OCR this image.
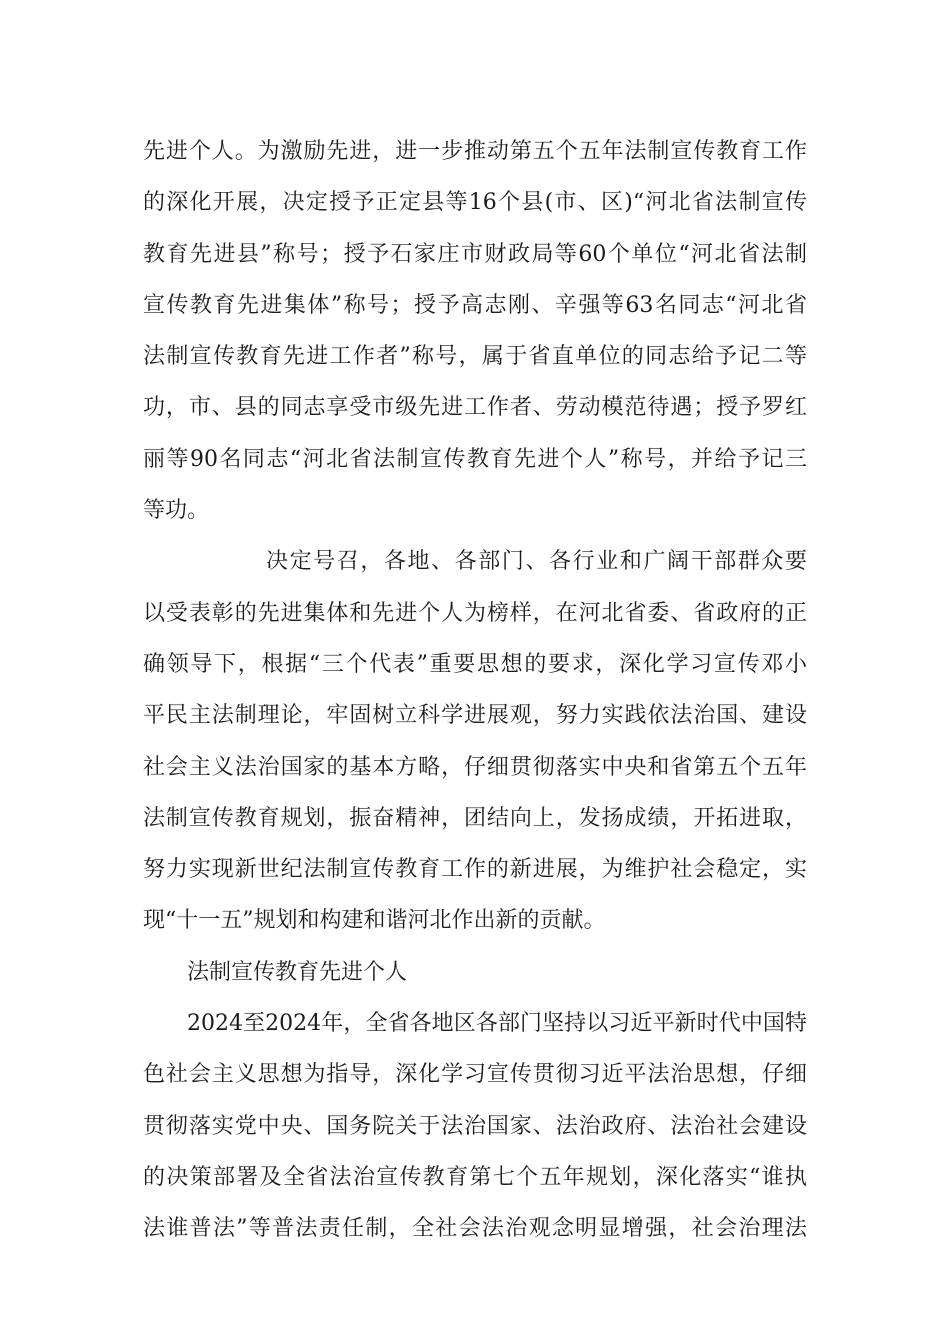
先进个人。为激励先进，进一步推动第五个五年法制宣传教育工作
的深化开展，决定授予正定县等16个县(市、区)“河北省法制宣传
教育先进县”称号；授予石家庄市财政局等60个单位“河北省法制
宣传教育先进集体”称号；授予高志刚、辛强等63名同志“河北省
法制宣传教育先进工作者”称号，属于省直单位的同志给予记二等
功，市、县的同志享受市级先进工作者、劳动模范待遇；授予罗红
丽等90名同志“河北省法制宣传教育先进个人”称号，并给予记三
等功。
决定号召，各地、各部门、各行业和广阔干部群众要
以受表彰的先进集体和先进个人为榜样，在河北省委、省政府的正
确领导下，根据“三个代表”重要思想的要求，深化学习宣传邓小
平民主法制理论，牢固树立科学进展观，努力实践依法治国、建设
社会主义法治国家的基本方略，仔细贯彻落实中央和省第五个五年
法制宣传教育规划，振奋精神，团结向上，发扬成绩，开拓进取，
努力实现新世纪法制宣传教育工作的新进展，为维护社会稳定，实
现“十一五”规划和构建和谐河北作出新的贡献。
法制宣传教育先进个人
2024至2024年，全省各地区各部门坚持以习近平新时代中国特
色社会主义思想为指导，深化学习宣传贯彻习近平法治思想，仔细
贯彻落实党中央、国务院关于法治国家、法治政府、法治社会建设
的决策部署及全省法治宣传教育第七个五年规划，深化落实“谁执
法谁普法”等普法责任制，全社会法治观念明显增强，社会治理法
